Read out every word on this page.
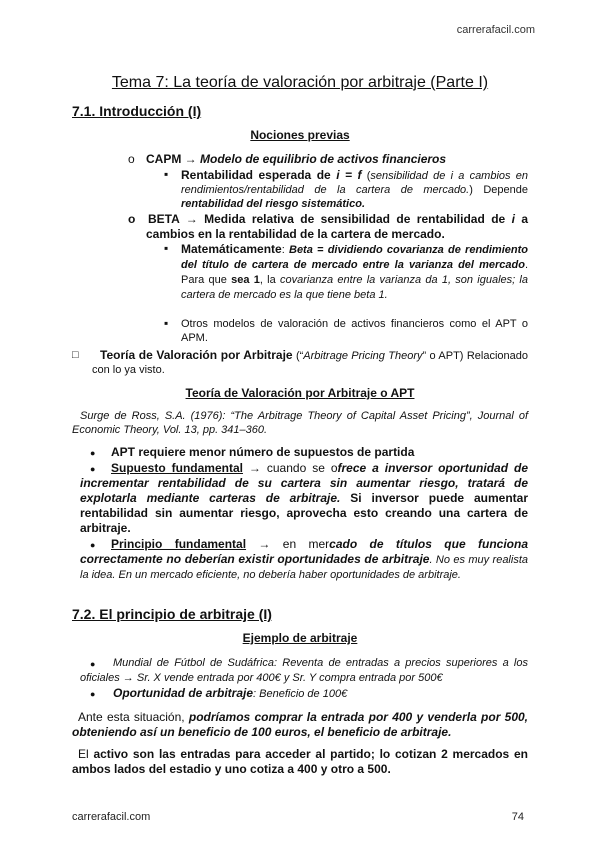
carrerafacil.com
Tema 7: La teoría de valoración por arbitraje (Parte I)
7.1. Introducción (I)
Nociones previas
o CAPM → Modelo de equilibrio de activos financieros
▪ Rentabilidad esperada de i = f (sensibilidad de i a cambios en rendimientos/rentabilidad de la cartera de mercado.) Depende rentabilidad del riesgo sistemático.
o BETA → Medida relativa de sensibilidad de rentabilidad de i a cambios en la rentabilidad de la cartera de mercado.
▪ Matemáticamente: Beta = dividiendo covarianza de rendimiento del título de cartera de mercado entre la varianza del mercado. Para que sea 1, la covarianza entre la varianza da 1, son iguales; la cartera de mercado es la que tiene beta 1.
▪ Otros modelos de valoración de activos financieros como el APT o APM.
□	Teoría de Valoración por Arbitraje (“Arbitrage Pricing Theory” o APT) Relacionado con lo ya visto.
Teoría de Valoración por Arbitraje o APT
Surge de Ross, S.A. (1976): “The Arbitrage Theory of Capital Asset Pricing”, Journal of Economic Theory, Vol. 13, pp. 341–360.
● APT requiere menor número de supuestos de partida
●	Supuesto fundamental → cuando se ofrece a inversor oportunidad de incrementar rentabilidad de su cartera sin aumentar riesgo, tratará de explotarla mediante carteras de arbitraje. Si inversor puede aumentar rentabilidad sin aumentar riesgo, aprovecha esto creando una cartera de arbitraje.
●	Principio fundamental → en mercado de títulos que funciona correctamente no deberían existir oportunidades de arbitraje. No es muy realista la idea. En un mercado eficiente, no debería haber oportunidades de arbitraje.
7.2. El principio de arbitraje (I)
Ejemplo de arbitraje
●	Mundial de Fútbol de Sudáfrica: Reventa de entradas a precios superiores a los oficiales → Sr. X vende entrada por 400€ y Sr. Y compra entrada por 500€
● Oportunidad de arbitraje: Beneficio de 100€
Ante esta situación, podríamos comprar la entrada por 400 y venderla por 500, obteniendo así un beneficio de 100 euros, el beneficio de arbitraje.
El activo son las entradas para acceder al partido; lo cotizan 2 mercados en ambos lados del estadio y uno cotiza a 400 y otro a 500.
carrerafacil.com	74
